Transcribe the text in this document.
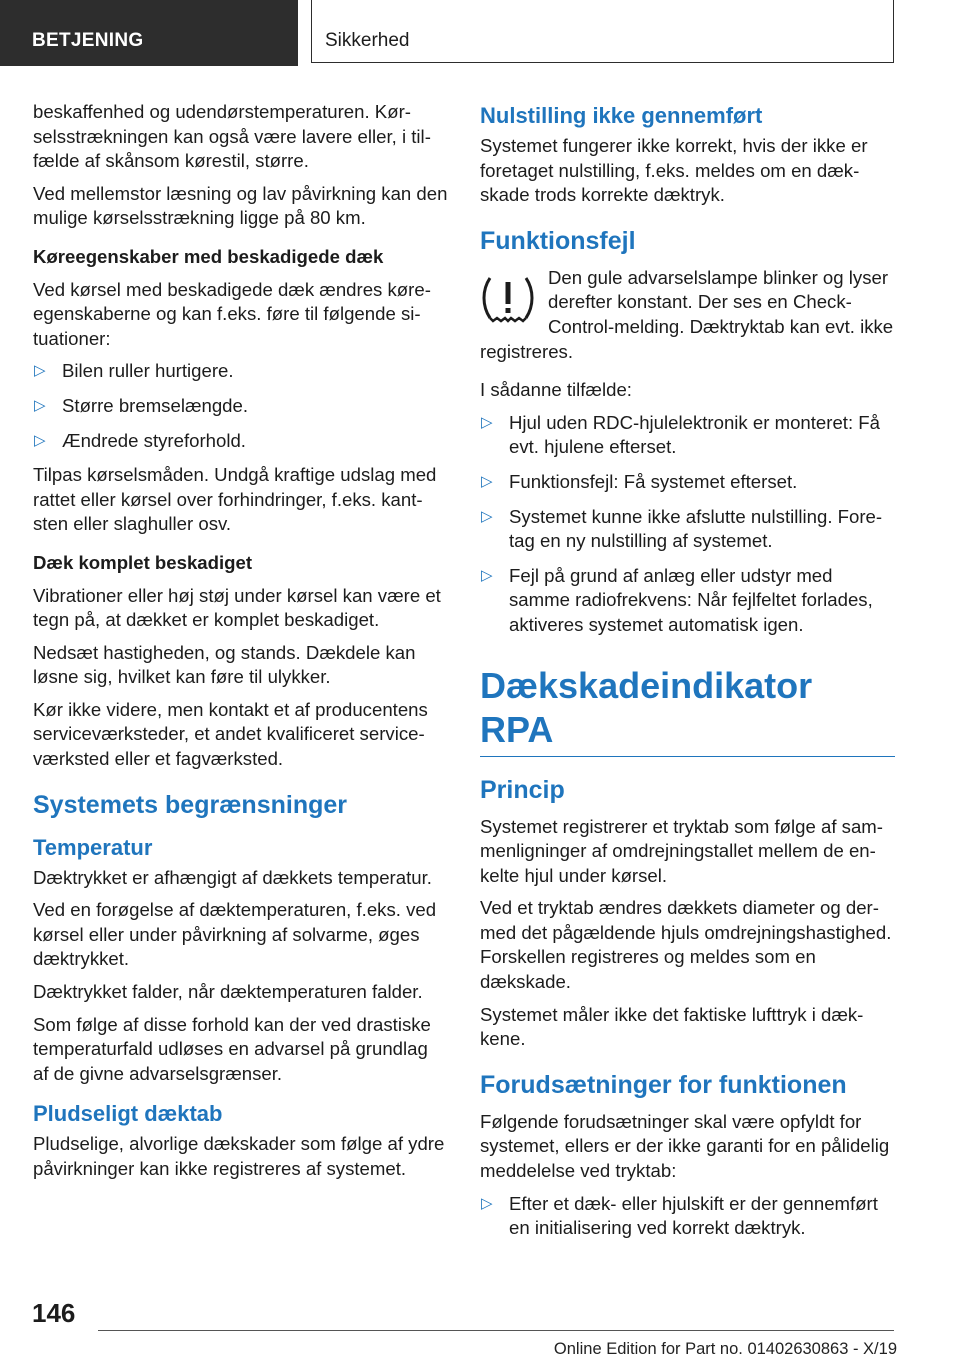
BETJENING	Sikkerhed

beskaffenhed og udendørstemperaturen. Kørselsstrækningen kan også være lavere eller, i tilfælde af skånsom kørestil, større.

Ved mellemstor læsning og lav påvirkning kan den mulige kørselsstrækning ligge på 80 km.

Køreegenskaber med beskadigede dæk

Ved kørsel med beskadigede dæk ændres køreegenskaberne og kan f.eks. føre til følgende situationer:

▷ Bilen ruller hurtigere.
▷ Større bremselængde.
▷ Ændrede styreforhold.

Tilpas kørselsmåden. Undgå kraftige udslag med rattet eller kørsel over forhindringer, f.eks. kantsten eller slaghuller osv.

Dæk komplet beskadiget

Vibrationer eller høj støj under kørsel kan være et tegn på, at dækket er komplet beskadiget.

Nedsæt hastigheden, og stands. Dækdele kan løsne sig, hvilket kan føre til ulykker.

Kør ikke videre, men kontakt et af producentens serviceværksteder, et andet kvalificeret serviceværksted eller et fagværksted.

Systemets begrænsninger
Temperatur

Dæktrykket er afhængigt af dækkets temperatur.

Ved en forøgelse af dæktemperaturen, f.eks. ved kørsel eller under påvirkning af solvarme, øges dæktrykket.

Dæktrykket falder, når dæktemperaturen falder.

Som følge af disse forhold kan der ved drastiske temperaturfald udløses en advarsel på grundlag af de givne advarselsgrænser.

Pludseligt dæktab

Pludselige, alvorlige dækskader som følge af ydre påvirkninger kan ikke registreres af systemet.

Nulstilling ikke gennemført

Systemet fungerer ikke korrekt, hvis der ikke er foretaget nulstilling, f.eks. meldes om en dækskade trods korrekte dæktryk.

Funktionsfejl

Den gule advarselslampe blinker og lyser derefter konstant. Der ses en Check-Control-melding. Dæktryktab kan evt. ikke registreres.

I sådanne tilfælde:

▷ Hjul uden RDC-hjulelektronik er monteret: Få evt. hjulene efterset.
▷ Funktionsfejl: Få systemet efterset.
▷ Systemet kunne ikke afslutte nulstilling. Foretag en ny nulstilling af systemet.
▷ Fejl på grund af anlæg eller udstyr med samme radiofrekvens: Når fejlfeltet forlades, aktiveres systemet automatisk igen.
Dækskadeindikator RPA
Princip

Systemet registrerer et tryktab som følge af sammenligninger af omdrejningstallet mellem de enkelte hjul under kørsel.

Ved et tryktab ændres dækkets diameter og dermed det pågældende hjuls omdrejningshastighed. Forskellen registreres og meldes som en dækskade.

Systemet måler ikke det faktiske lufttryk i dækkene.

Forudsætninger for funktionen

Følgende forudsætninger skal være opfyldt for systemet, ellers er der ikke garanti for en pålidelig meddelelse ved tryktab:

▷ Efter et dæk- eller hjulskift er der gennemført en initialisering ved korrekt dæktryk.
146
Online Edition for Part no. 01402630863 - X/19
